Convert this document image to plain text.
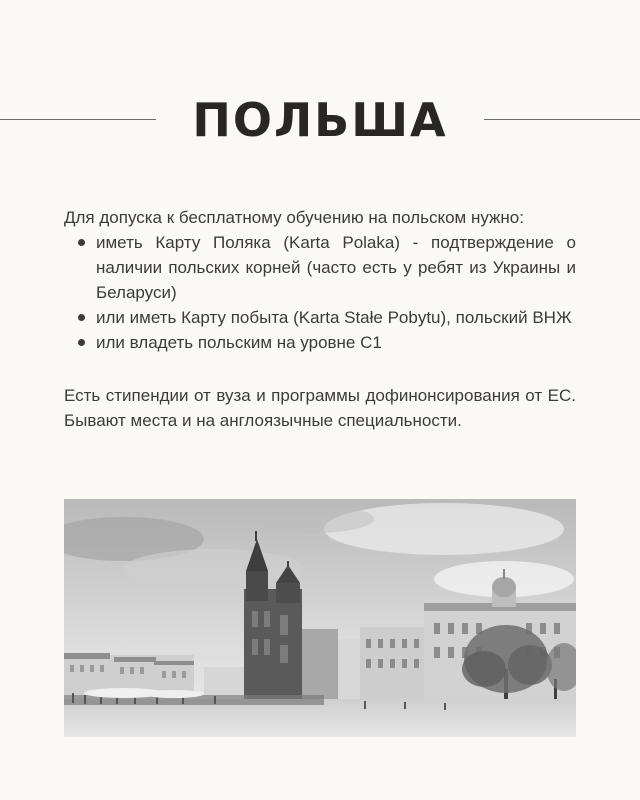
ПОЛЬША

Для допуска к бесплатному обучению на польском нужно:

иметь Карту Поляка (Karta Polaka) - подтверждение о наличии польских корней (часто есть у ребят из Украины и Беларуси)
или иметь Карту побыта (Karta Stałe Pobytu), польский ВНЖ
или владеть польским на уровне С1

Есть стипендии от вуза и программы дофинонсирования от ЕС. Бывают места и на англоязычные специальности.
